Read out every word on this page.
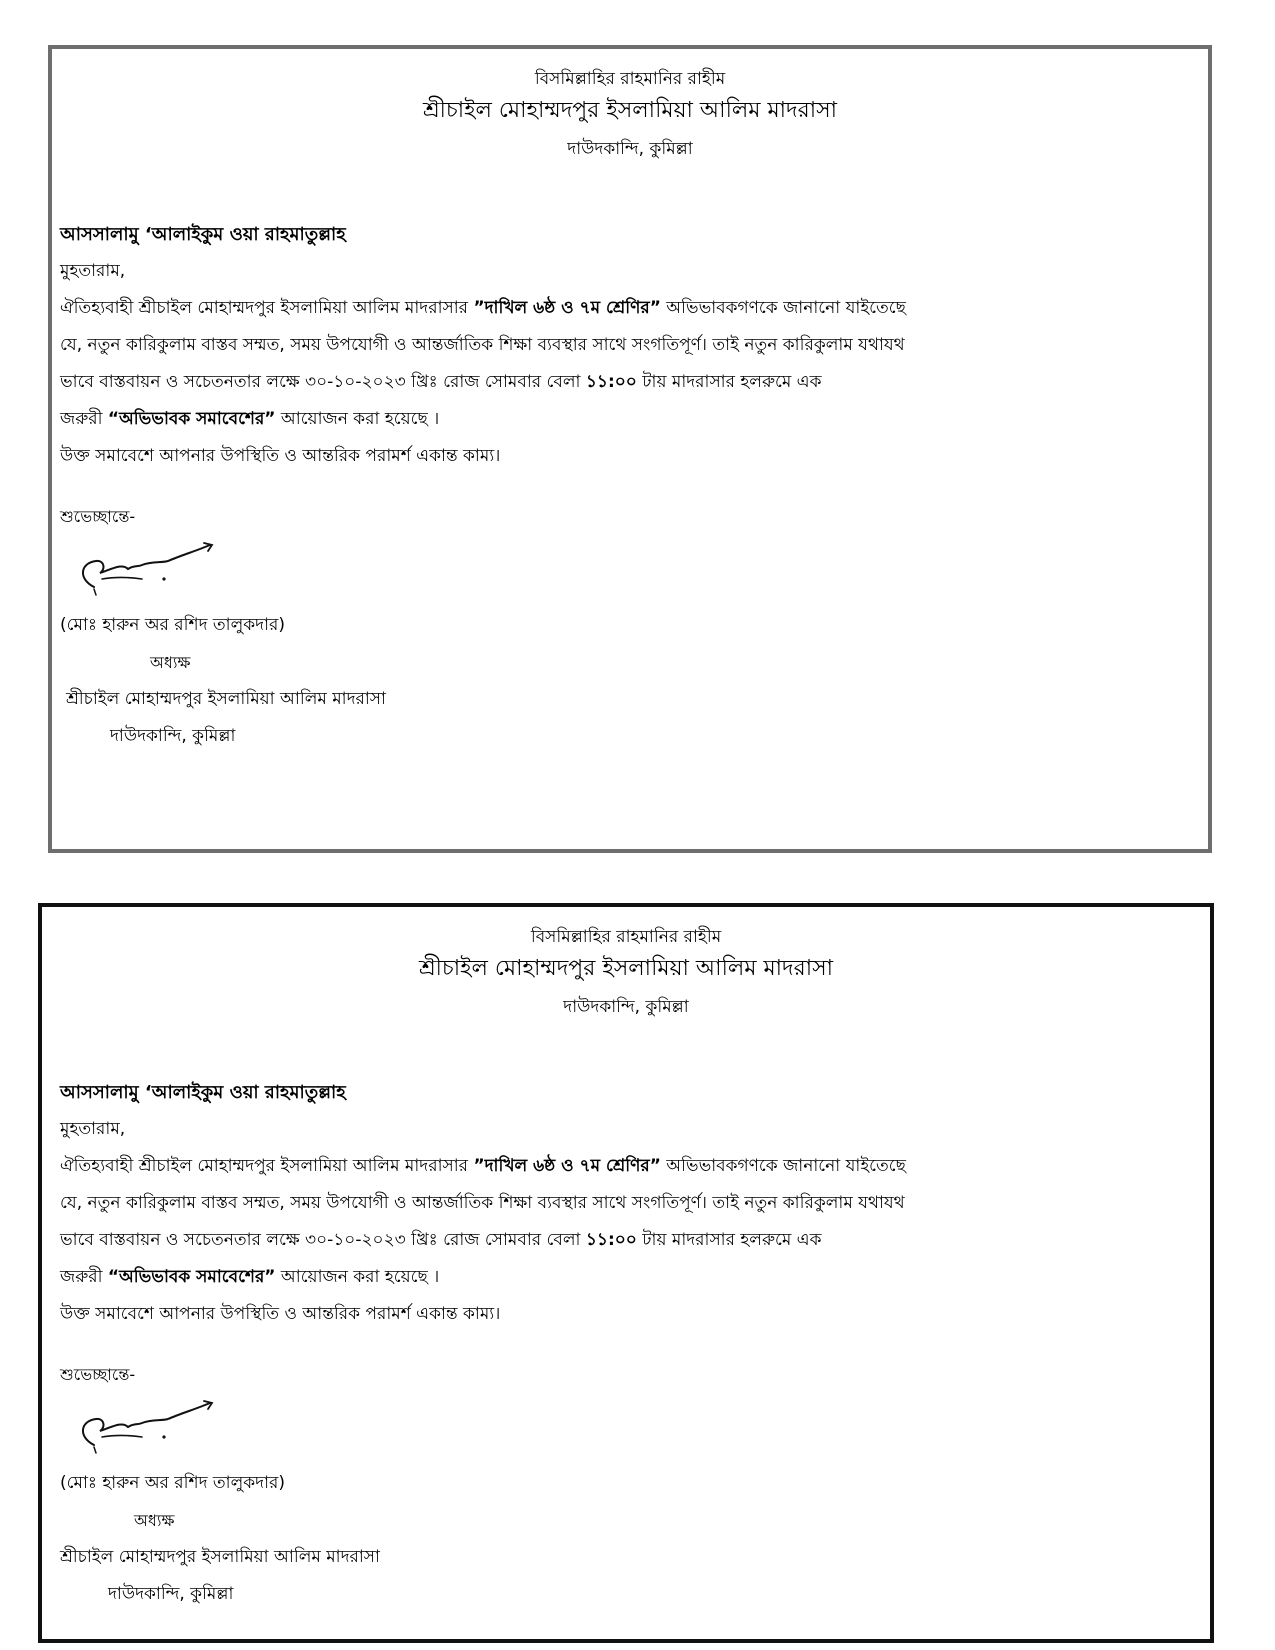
বিসমিল্লাহির রাহমানির রাহীম
শ্রীচাইল মোহাম্মদপুর ইসলামিয়া আলিম মাদরাসা
দাউদকান্দি, কুমিল্লা
আসসালামু ‘আলাইকুম ওয়া রাহমাতুল্লাহ
মুহতারাম,
ঐতিহ্যবাহী শ্রীচাইল মোহাম্মদপুর ইসলামিয়া আলিম মাদরাসার ”দাখিল ৬ষ্ঠ ও ৭ম শ্রেণির” অভিভাবকগণকে জানানো যাইতেছে
যে, নতুন কারিকুলাম বাস্তব সম্মত, সময় উপযোগী ও আন্তর্জাতিক শিক্ষা ব্যবস্থার সাথে সংগতিপূর্ণ। তাই নতুন কারিকুলাম যথাযথ
ভাবে বাস্তবায়ন ও সচেতনতার লক্ষে ৩০-১০-২০২৩ খ্রিঃ রোজ সোমবার বেলা ১১:০০ টায় মাদরাসার হলরুমে এক
জরুরী “অভিভাবক সমাবেশের” আয়োজন করা হয়েছে ।
উক্ত সমাবেশে আপনার উপস্থিতি ও আন্তরিক পরামর্শ একান্ত কাম্য।
শুভেচ্ছান্তে-
(মোঃ হারুন অর রশিদ তালুকদার)
অধ্যক্ষ
শ্রীচাইল মোহাম্মদপুর ইসলামিয়া আলিম মাদরাসা
দাউদকান্দি, কুমিল্লা
বিসমিল্লাহির রাহমানির রাহীম
শ্রীচাইল মোহাম্মদপুর ইসলামিয়া আলিম মাদরাসা
দাউদকান্দি, কুমিল্লা
আসসালামু ‘আলাইকুম ওয়া রাহমাতুল্লাহ
মুহতারাম,
ঐতিহ্যবাহী শ্রীচাইল মোহাম্মদপুর ইসলামিয়া আলিম মাদরাসার ”দাখিল ৬ষ্ঠ ও ৭ম শ্রেণির” অভিভাবকগণকে জানানো যাইতেছে
যে, নতুন কারিকুলাম বাস্তব সম্মত, সময় উপযোগী ও আন্তর্জাতিক শিক্ষা ব্যবস্থার সাথে সংগতিপূর্ণ। তাই নতুন কারিকুলাম যথাযথ
ভাবে বাস্তবায়ন ও সচেতনতার লক্ষে ৩০-১০-২০২৩ খ্রিঃ রোজ সোমবার বেলা ১১:০০ টায় মাদরাসার হলরুমে এক
জরুরী “অভিভাবক সমাবেশের” আয়োজন করা হয়েছে ।
উক্ত সমাবেশে আপনার উপস্থিতি ও আন্তরিক পরামর্শ একান্ত কাম্য।
শুভেচ্ছান্তে-
(মোঃ হারুন অর রশিদ তালুকদার)
অধ্যক্ষ
শ্রীচাইল মোহাম্মদপুর ইসলামিয়া আলিম মাদরাসা
দাউদকান্দি, কুমিল্লা
